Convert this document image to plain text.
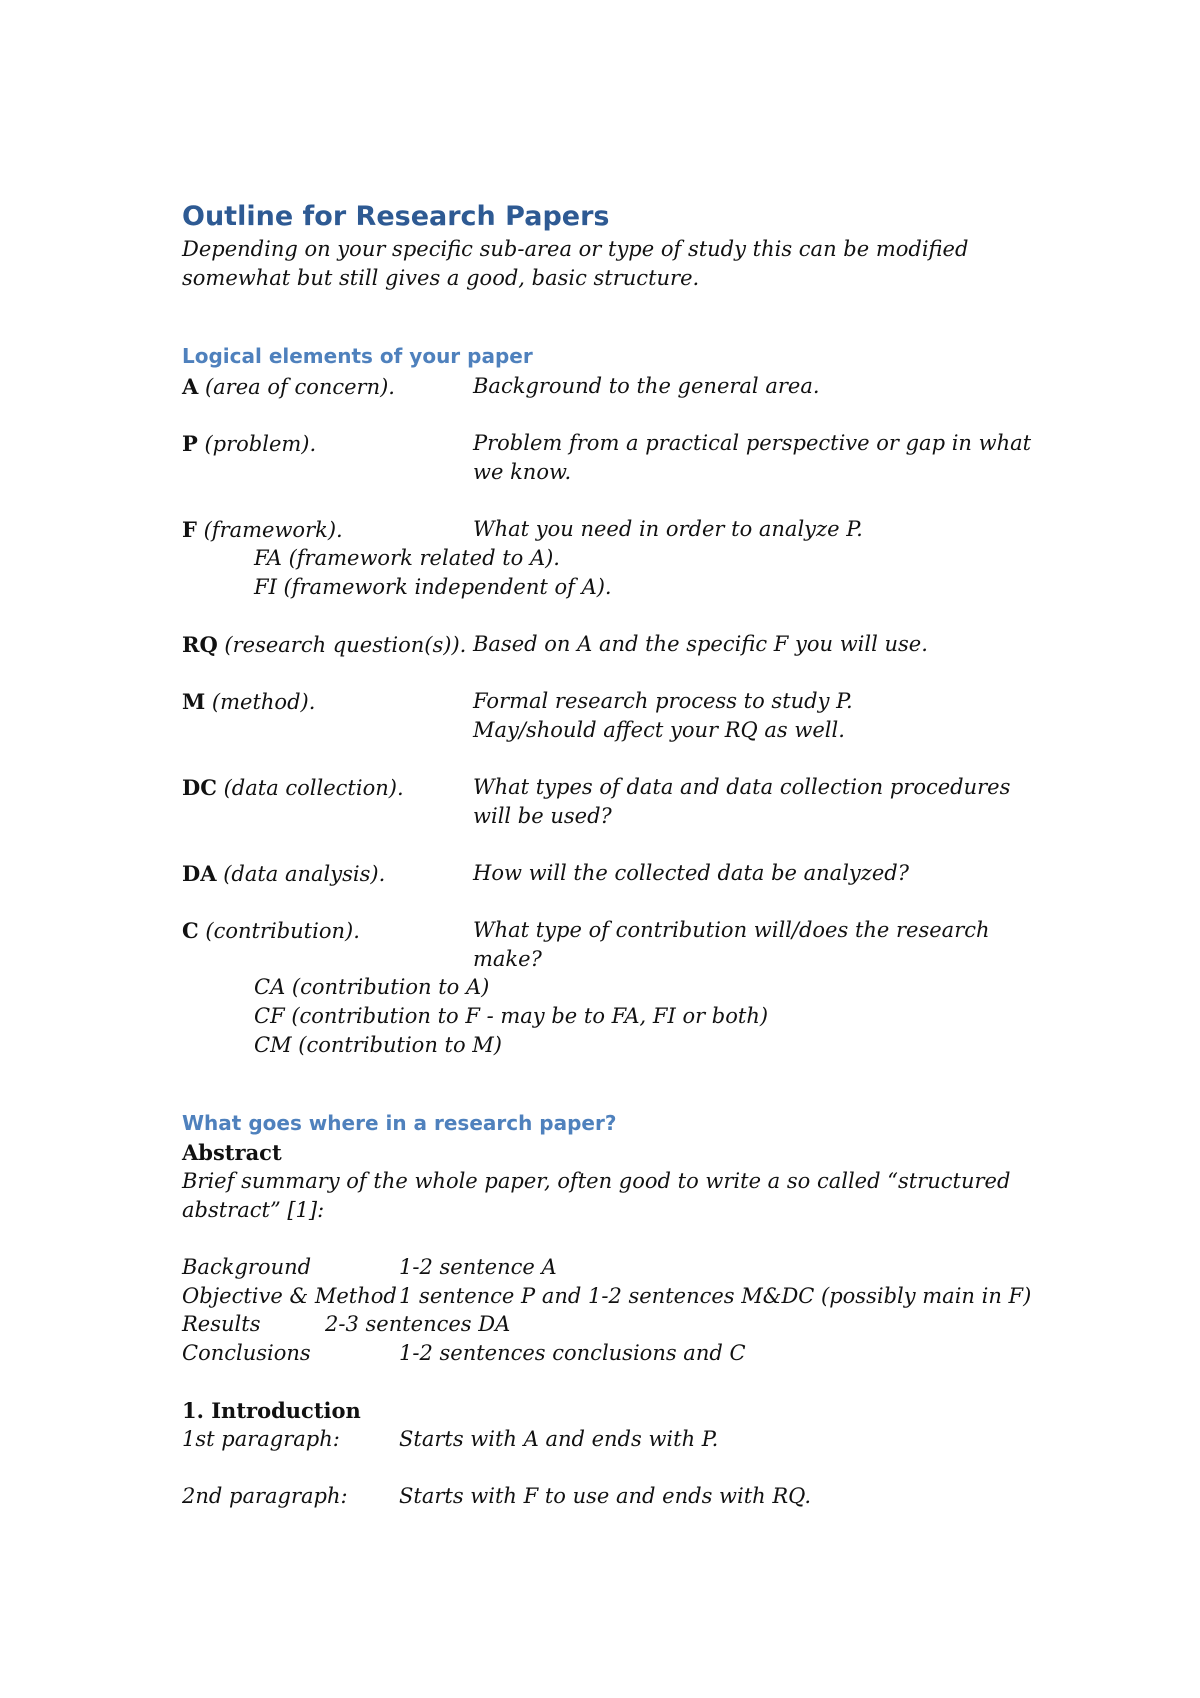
Outline for Research Papers
Depending on your specific sub-area or type of study this can be modified
somewhat but still gives a good, basic structure.
Logical elements of your paper
A (area of concern).	Background to the general area.
P (problem).	Problem from a practical perspective or gap in what
we know.
F (framework).	What you need in order to analyze P.
FA (framework related to A).
FI (framework independent of A).
RQ (research question(s)). Based on A and the specific F you will use.
M (method).	Formal research process to study P.
May/should affect your RQ as well.
DC (data collection).	What types of data and data collection procedures
will be used?
DA (data analysis).	How will the collected data be analyzed?
C (contribution).	What type of contribution will/does the research
make?
CA (contribution to A)
CF (contribution to F - may be to FA, FI or both)
CM (contribution to M)
What goes where in a research paper?
Abstract
Brief summary of the whole paper, often good to write a so called “structured
abstract” [1]:
Background	1-2 sentence A
Objective & Method 1 sentence P and 1-2 sentences M&DC (possibly main in F)
Results	2-3 sentences DA
Conclusions	1-2 sentences conclusions and C
1. Introduction
1st paragraph:	Starts with A and ends with P.
2nd paragraph: Starts with F to use and ends with RQ.
